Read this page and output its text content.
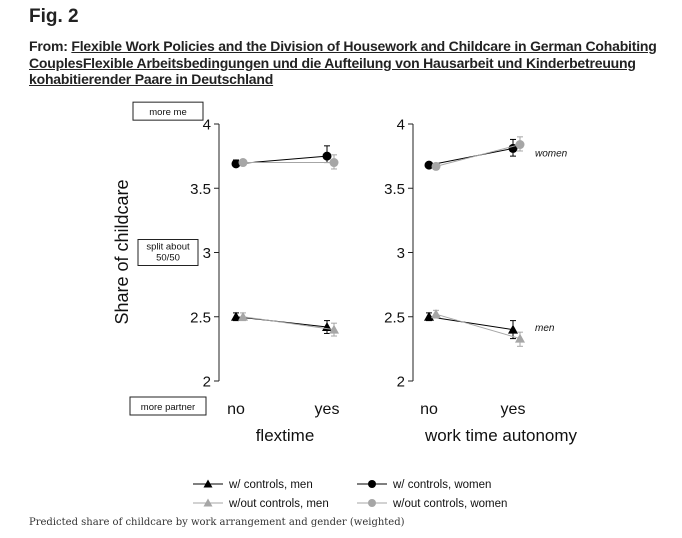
Fig. 2
From: Flexible Work Policies and the Division of Housework and Childcare in German Cohabiting CouplesFlexible Arbeitsbedingungen und die Aufteilung von Hausarbeit und Kinderbetreuung kohabitierender Paare in Deutschland
Share of childcare
more me
split about
50/50
more partner
2
2.5
3
3.5
4
no	yes
flextime
2
2.5
3
3.5
4
no	yes
work time autonomy
women
men
w/ controls, men	w/ controls, women
w/out controls, men	w/out controls, women
Predicted share of childcare by work arrangement and gender (weighted)
